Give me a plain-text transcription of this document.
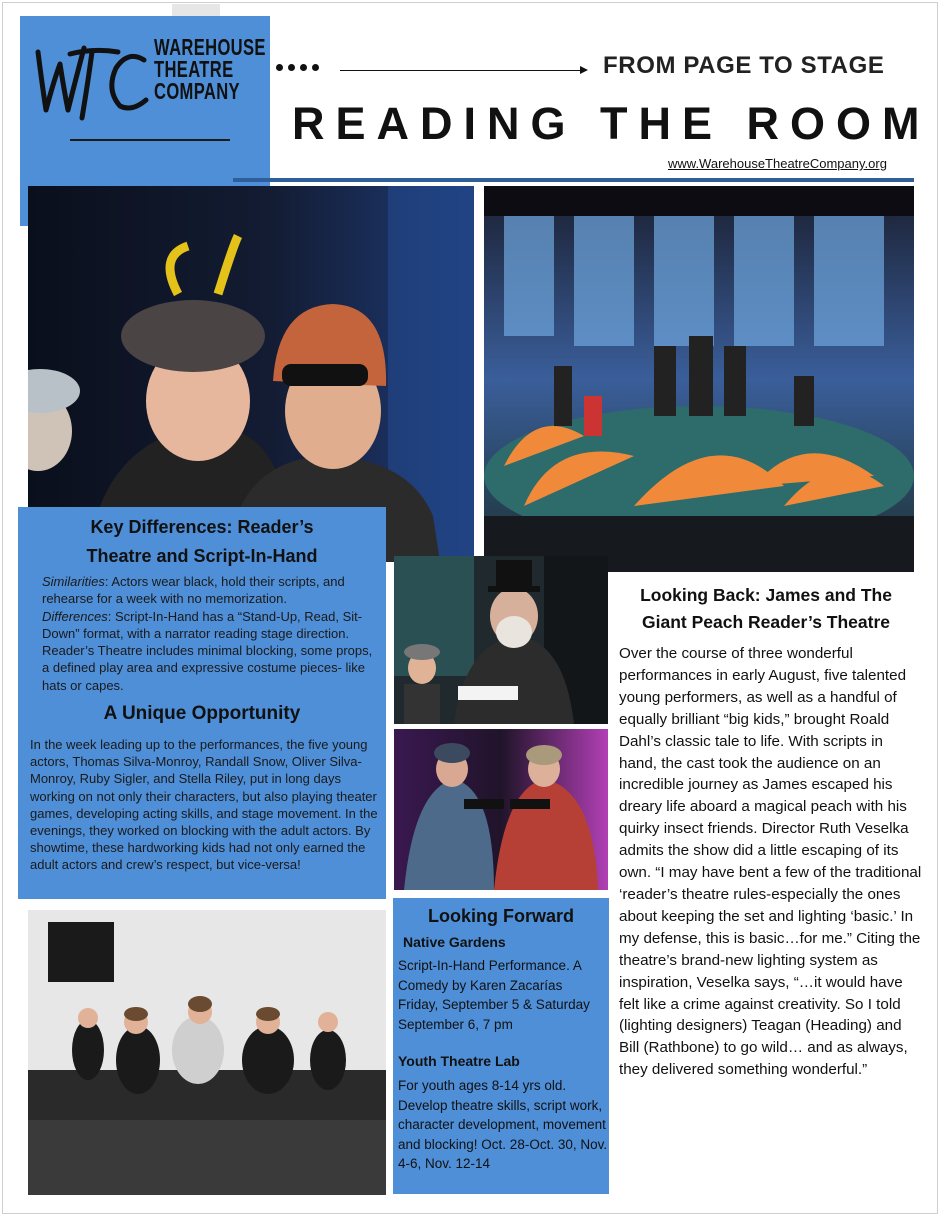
WAREHOUSE
THEATRE
COMPANY
FROM PAGE TO STAGE
READING THE ROOM
www.WarehouseTheatreCompany.org
Key Differences: Reader’s
Theatre and Script-In-Hand
Similarities: Actors wear black, hold their scripts, and rehearse for a week with no memorization.
Differences: Script-In-Hand has a “Stand-Up, Read, Sit-Down” format, with a narrator reading stage direction. Reader’s Theatre includes minimal blocking, some props, a defined play area and expressive costume pieces- like hats or capes.
A Unique Opportunity
In the week leading up to the performances, the five young actors, Thomas Silva-Monroy, Randall Snow, Oliver Silva-Monroy, Ruby Sigler, and Stella Riley, put in long days working on not only their characters, but also playing theater games, developing acting skills, and stage movement. In the evenings, they worked on blocking with the adult actors. By showtime, these hardworking kids had not only earned the adult actors and crew’s respect, but vice-versa!
Looking Forward
Native Gardens
Script-In-Hand Performance. A Comedy by Karen Zacarías Friday, September 5 & Saturday September 6, 7 pm
Youth Theatre Lab
For youth ages 8-14 yrs old. Develop theatre skills, script work, character development, movement and blocking! Oct. 28-Oct. 30, Nov. 4-6, Nov. 12-14
Looking Back: James and The
Giant Peach Reader’s Theatre
Over the course of three wonderful performances in early August, five talented young performers, as well as a handful of equally brilliant “big kids,” brought Roald Dahl’s classic tale to life. With scripts in hand, the cast took the audience on an incredible journey as James escaped his dreary life aboard a magical peach with his quirky insect friends. Director Ruth Veselka admits the show did a little escaping of its own. “I may have bent a few of the traditional ‘reader’s theatre rules-especially the ones about keeping the set and lighting ‘basic.’ In my defense, this is basic…for me.” Citing the theatre’s brand-new lighting system as inspiration, Veselka says, “…it would have felt like a crime against creativity. So I told (lighting designers) Teagan (Heading) and Bill (Rathbone) to go wild… and as always, they delivered something wonderful.”
